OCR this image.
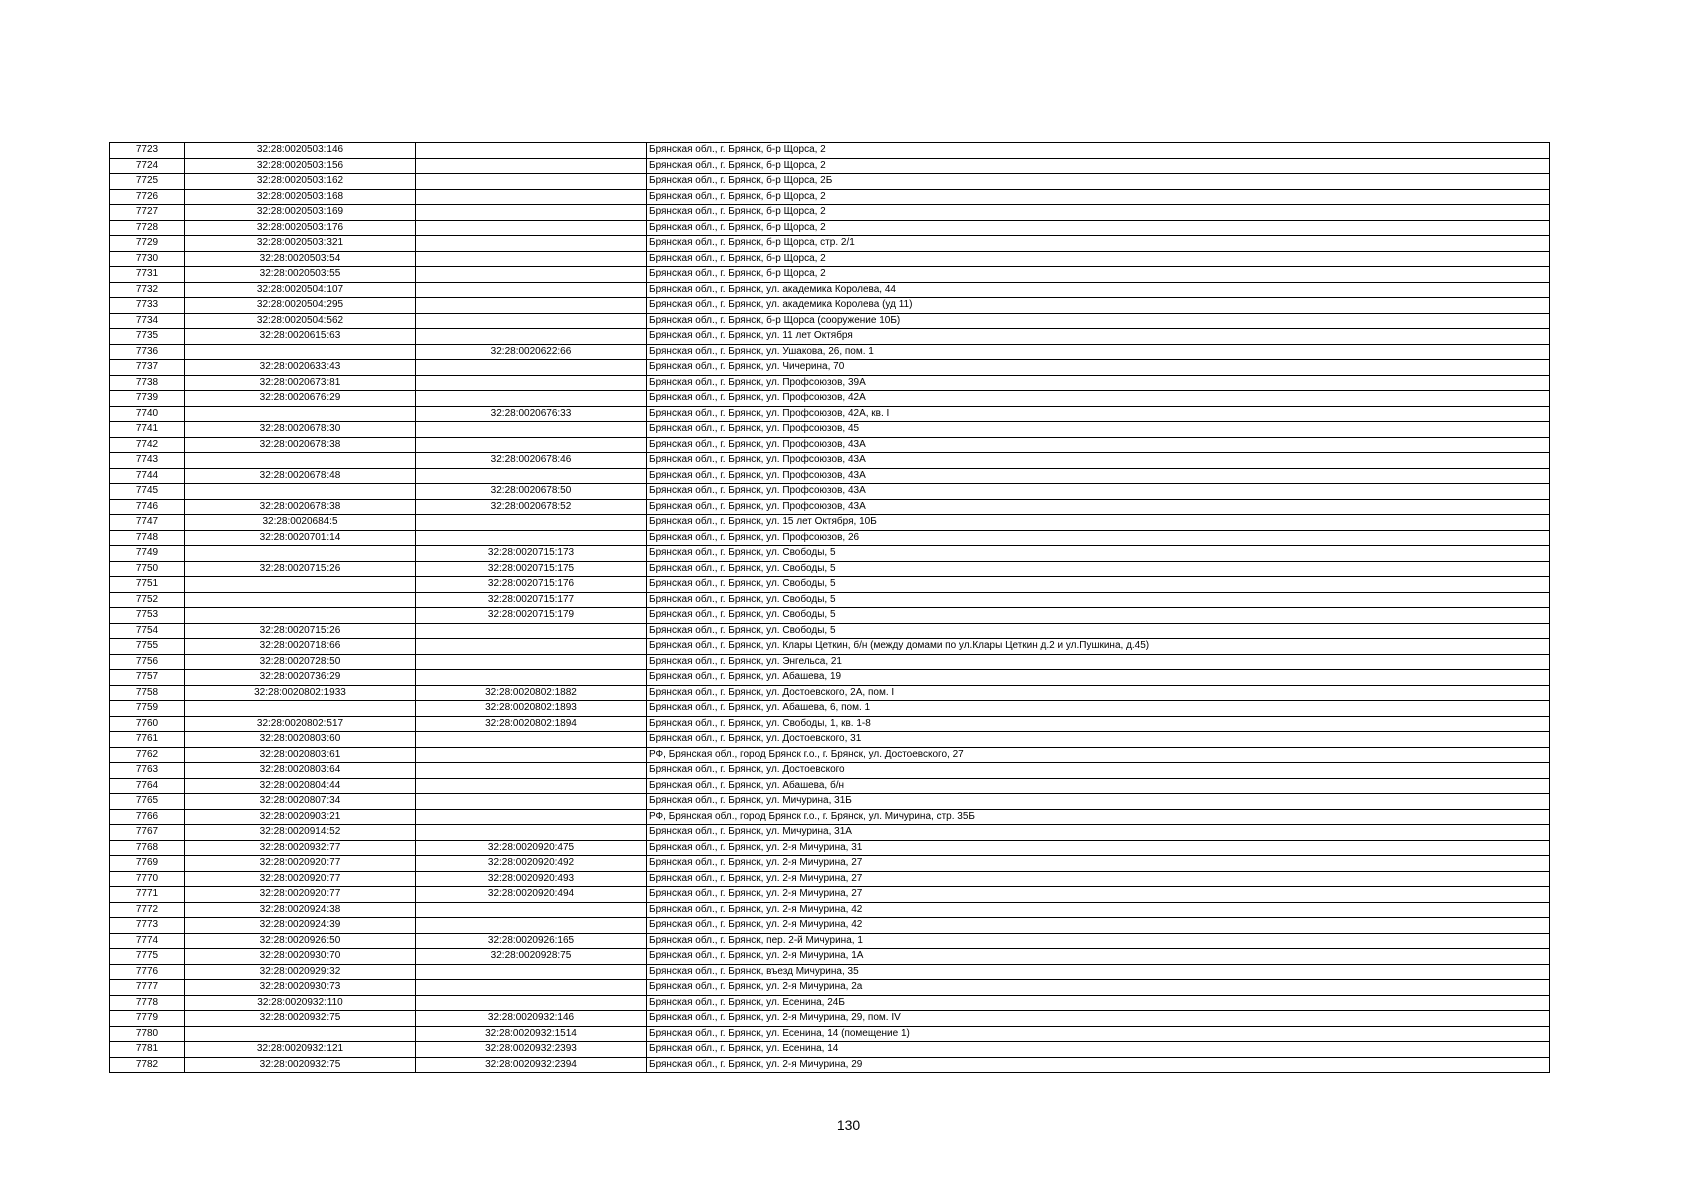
7723	32:28:0020503:146		Брянская обл., г. Брянск, б-р Щорса, 2
7724	32:28:0020503:156		Брянская обл., г. Брянск, б-р Щорса, 2
7725	32:28:0020503:162		Брянская обл., г. Брянск, б-р Щорса, 2Б
7726	32:28:0020503:168		Брянская обл., г. Брянск, б-р Щорса, 2
7727	32:28:0020503:169		Брянская обл., г. Брянск, б-р Щорса, 2
7728	32:28:0020503:176		Брянская обл., г. Брянск, б-р Щорса, 2
7729	32:28:0020503:321		Брянская обл., г. Брянск, б-р Щорса, стр. 2/1
7730	32:28:0020503:54		Брянская обл., г. Брянск, б-р Щорса, 2
7731	32:28:0020503:55		Брянская обл., г. Брянск, б-р Щорса, 2
7732	32:28:0020504:107		Брянская обл., г. Брянск, ул. академика Королева, 44
7733	32:28:0020504:295		Брянская обл., г. Брянск, ул. академика Королева (уд 11)
7734	32:28:0020504:562		Брянская обл., г. Брянск, б-р Щорса (сооружение 10Б)
7735	32:28:0020615:63		Брянская обл., г. Брянск, ул. 11 лет Октября
7736		32:28:0020622:66	Брянская обл., г. Брянск, ул. Ушакова, 26, пом. 1
7737	32:28:0020633:43		Брянская обл., г. Брянск, ул. Чичерина, 70
7738	32:28:0020673:81		Брянская обл., г. Брянск, ул. Профсоюзов, 39А
7739	32:28:0020676:29		Брянская обл., г. Брянск, ул. Профсоюзов, 42А
7740		32:28:0020676:33	Брянская обл., г. Брянск, ул. Профсоюзов, 42А, кв. I
7741	32:28:0020678:30		Брянская обл., г. Брянск, ул. Профсоюзов, 45
7742	32:28:0020678:38		Брянская обл., г. Брянск, ул. Профсоюзов, 43А
7743		32:28:0020678:46	Брянская обл., г. Брянск, ул. Профсоюзов, 43А
7744	32:28:0020678:48		Брянская обл., г. Брянск, ул. Профсоюзов, 43А
7745		32:28:0020678:50	Брянская обл., г. Брянск, ул. Профсоюзов, 43А
7746	32:28:0020678:38	32:28:0020678:52	Брянская обл., г. Брянск, ул. Профсоюзов, 43А
7747	32:28:0020684:5		Брянская обл., г. Брянск, ул. 15 лет Октября, 10Б
7748	32:28:0020701:14		Брянская обл., г. Брянск, ул. Профсоюзов, 26
7749		32:28:0020715:173	Брянская обл., г. Брянск, ул. Свободы, 5
7750	32:28:0020715:26	32:28:0020715:175	Брянская обл., г. Брянск, ул. Свободы, 5
7751		32:28:0020715:176	Брянская обл., г. Брянск, ул. Свободы, 5
7752		32:28:0020715:177	Брянская обл., г. Брянск, ул. Свободы, 5
7753		32:28:0020715:179	Брянская обл., г. Брянск, ул. Свободы, 5
7754	32:28:0020715:26		Брянская обл., г. Брянск, ул. Свободы, 5
7755	32:28:0020718:66		Брянская обл., г. Брянск, ул. Клары Цеткин, б/н (между домами по ул.Клары Цеткин д.2 и ул.Пушкина, д.45)
7756	32:28:0020728:50		Брянская обл., г. Брянск, ул. Энгельса, 21
7757	32:28:0020736:29		Брянская обл., г. Брянск, ул. Абашева, 19
7758	32:28:0020802:1933	32:28:0020802:1882	Брянская обл., г. Брянск, ул. Достоевского, 2А, пом. I
7759		32:28:0020802:1893	Брянская обл., г. Брянск, ул. Абашева, 6, пом. 1
7760	32:28:0020802:517	32:28:0020802:1894	Брянская обл., г. Брянск, ул. Свободы, 1, кв. 1-8
7761	32:28:0020803:60		Брянская обл., г. Брянск, ул. Достоевского, 31
7762	32:28:0020803:61		РФ, Брянская обл., город Брянск г.о., г. Брянск, ул. Достоевского, 27
7763	32:28:0020803:64		Брянская обл., г. Брянск, ул. Достоевского
7764	32:28:0020804:44		Брянская обл., г. Брянск, ул. Абашева, б/н
7765	32:28:0020807:34		Брянская обл., г. Брянск, ул. Мичурина, 31Б
7766	32:28:0020903:21		РФ, Брянская обл., город Брянск г.о., г. Брянск, ул. Мичурина, стр. 35Б
7767	32:28:0020914:52		Брянская обл., г. Брянск, ул. Мичурина, 31А
7768	32:28:0020932:77	32:28:0020920:475	Брянская обл., г. Брянск, ул. 2-я Мичурина, 31
7769	32:28:0020920:77	32:28:0020920:492	Брянская обл., г. Брянск, ул. 2-я Мичурина, 27
7770	32:28:0020920:77	32:28:0020920:493	Брянская обл., г. Брянск, ул. 2-я Мичурина, 27
7771	32:28:0020920:77	32:28:0020920:494	Брянская обл., г. Брянск, ул. 2-я Мичурина, 27
7772	32:28:0020924:38		Брянская обл., г. Брянск, ул. 2-я Мичурина, 42
7773	32:28:0020924:39		Брянская обл., г. Брянск, ул. 2-я Мичурина, 42
7774	32:28:0020926:50	32:28:0020926:165	Брянская обл., г. Брянск, пер. 2-й Мичурина, 1
7775	32:28:0020930:70	32:28:0020928:75	Брянская обл., г. Брянск, ул. 2-я Мичурина, 1А
7776	32:28:0020929:32		Брянская обл., г. Брянск, въезд Мичурина, 35
7777	32:28:0020930:73		Брянская обл., г. Брянск, ул. 2-я Мичурина, 2а
7778	32:28:0020932:110		Брянская обл., г. Брянск, ул. Есенина, 24Б
7779	32:28:0020932:75	32:28:0020932:146	Брянская обл., г. Брянск, ул. 2-я Мичурина, 29, пом. IV
7780		32:28:0020932:1514	Брянская обл., г. Брянск, ул. Есенина, 14 (помещение 1)
7781	32:28:0020932:121	32:28:0020932:2393	Брянская обл., г. Брянск, ул. Есенина, 14
7782	32:28:0020932:75	32:28:0020932:2394	Брянская обл., г. Брянск, ул. 2-я Мичурина, 29
130
